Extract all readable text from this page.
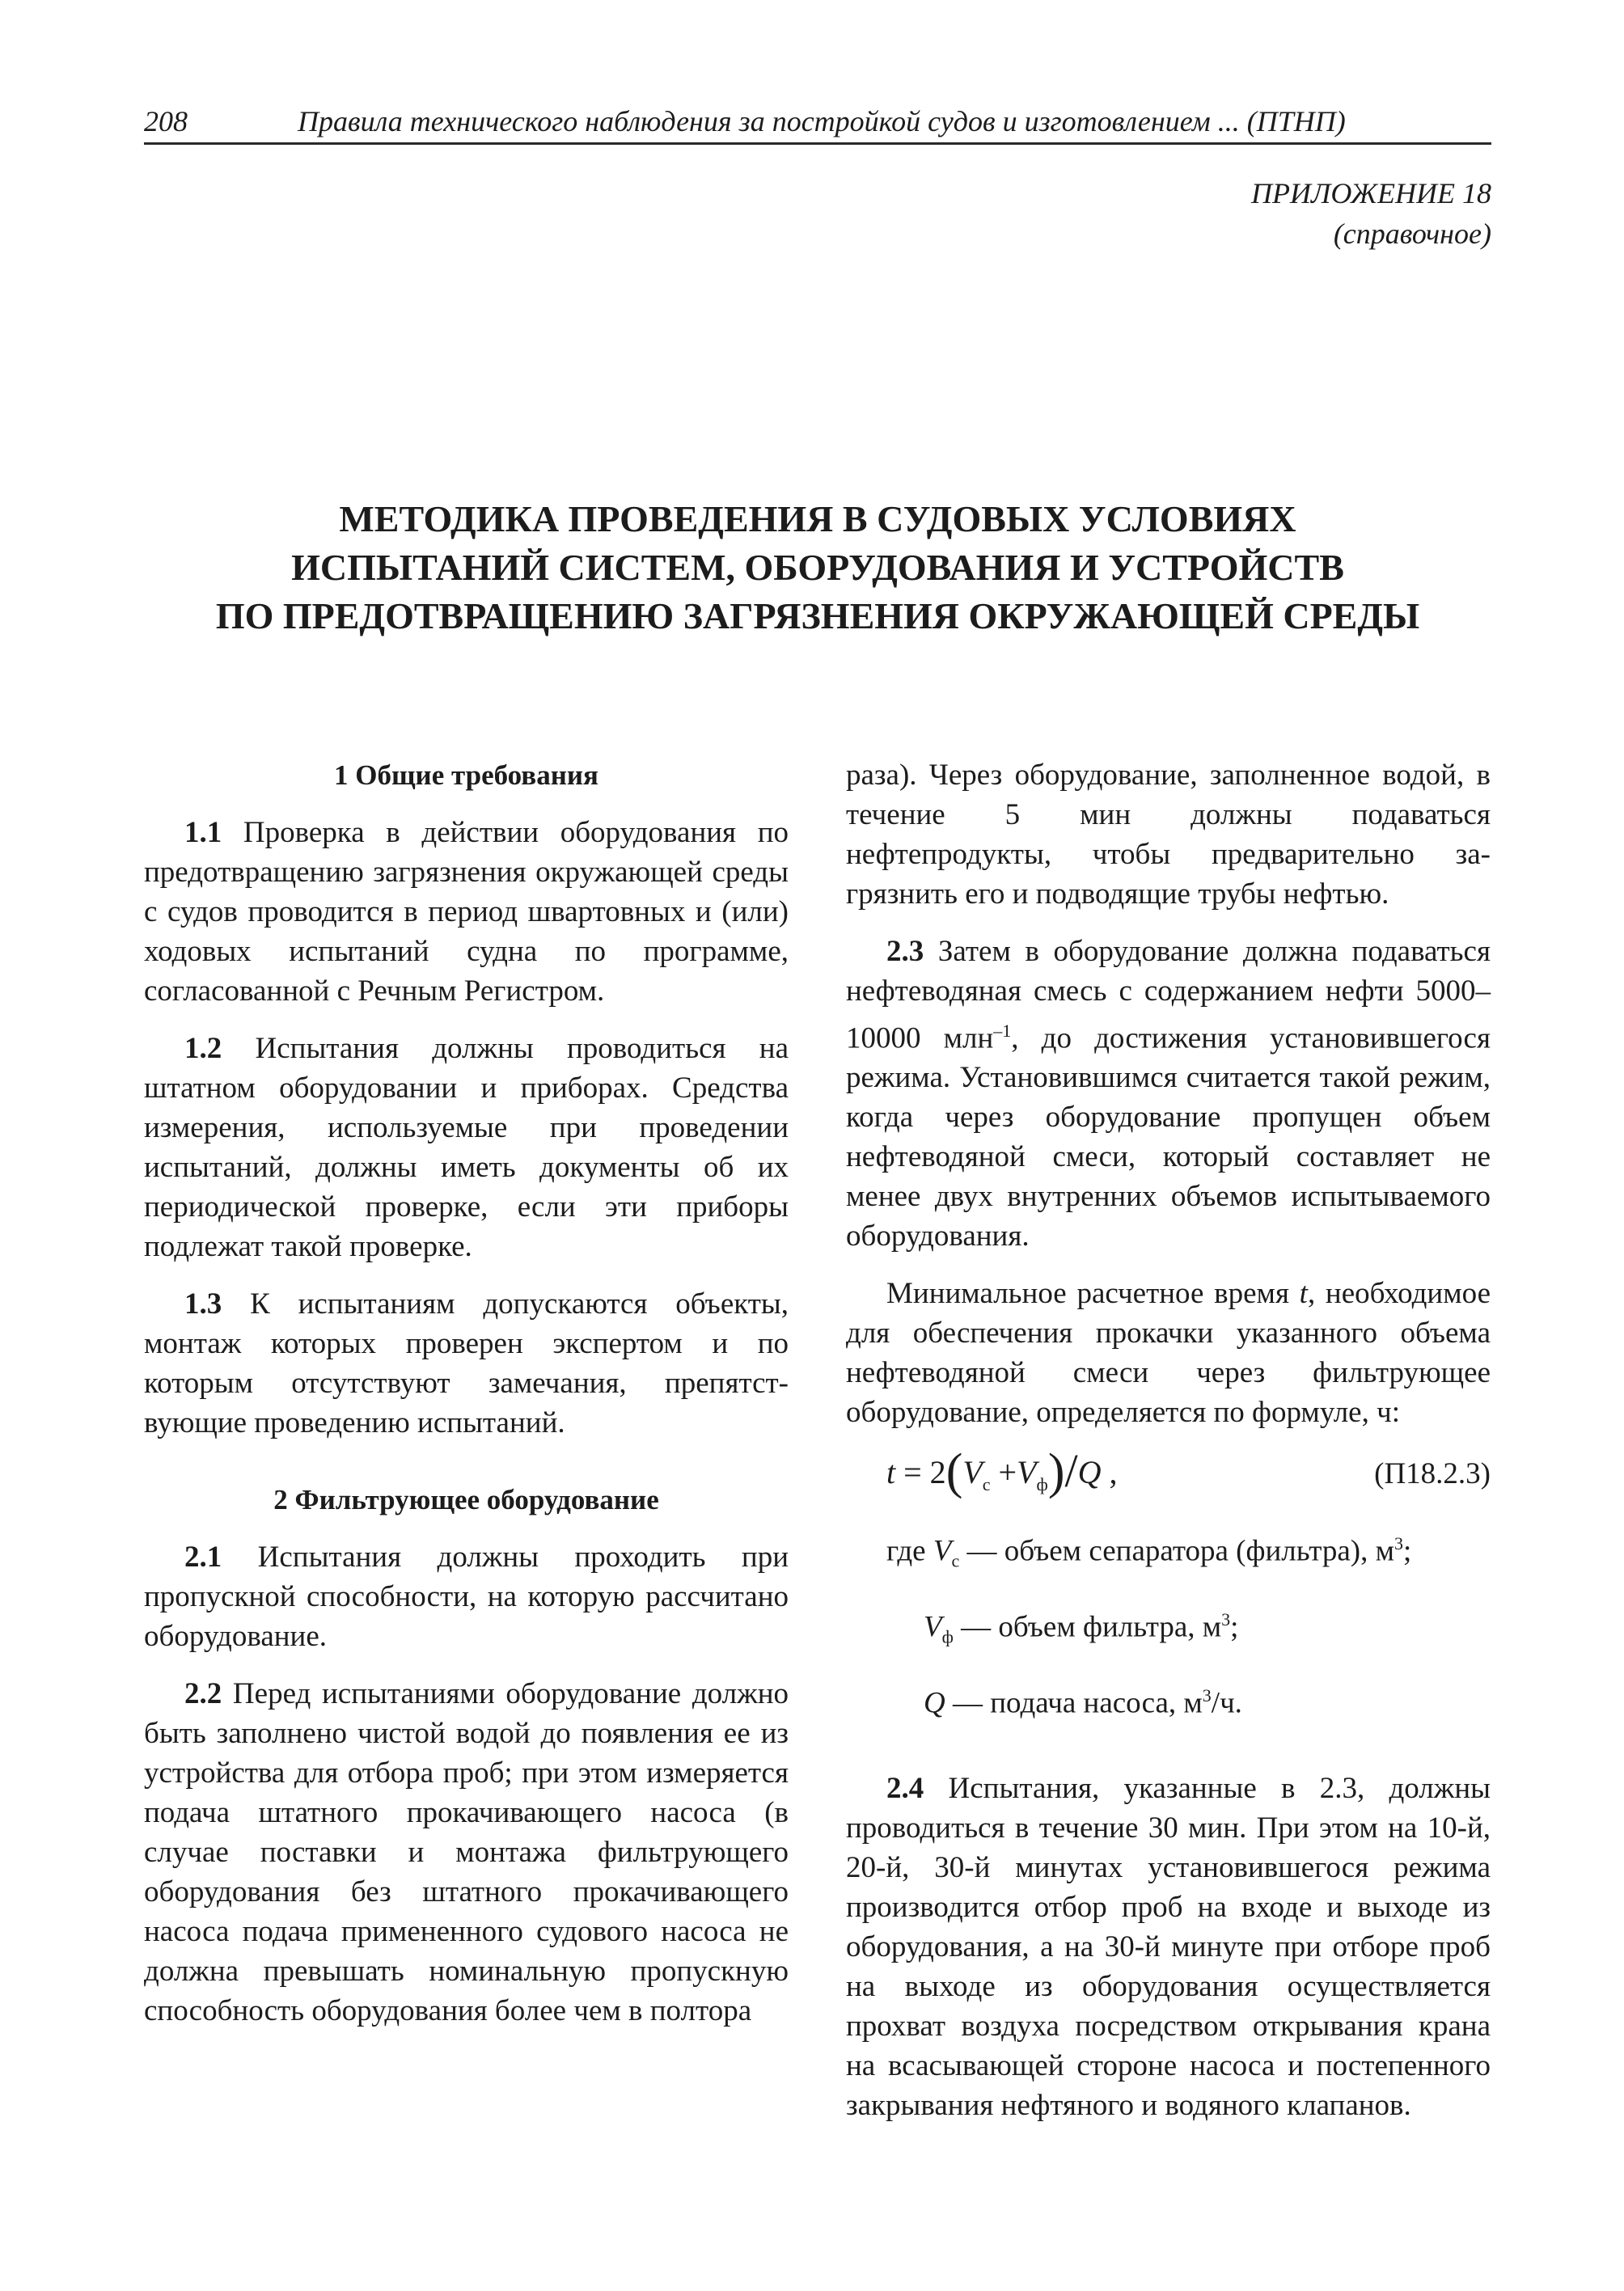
208	Правила технического наблюдения за постройкой судов и изготовлением ... (ПТНП)
ПРИЛОЖЕНИЕ 18
(справочное)
МЕТОДИКА ПРОВЕДЕНИЯ В СУДОВЫХ УСЛОВИЯХ
ИСПЫТАНИЙ СИСТЕМ, ОБОРУДОВАНИЯ И УСТРОЙСТВ
ПО ПРЕДОТВРАЩЕНИЮ ЗАГРЯЗНЕНИЯ ОКРУЖАЮЩЕЙ СРЕДЫ
1 Общие требования

1.1 Проверка в действии оборудования по предотвращению загрязнения окружающей среды с судов проводится в период швартовных и (или) ходовых испытаний судна по программе, согласованной с Речным Регистром.

1.2 Испытания должны проводиться на штатном оборудовании и приборах. Средства измерения, используемые при проведении испытаний, должны иметь документы об их периодической проверке, если эти приборы подлежат такой проверке.

1.3 К испытаниям допускаются объекты, монтаж которых проверен экспертом и по которым отсутствуют замечания, препятствующие проведению испытаний.

2 Фильтрующее оборудование

2.1 Испытания должны проходить при пропускной способности, на которую рассчитано оборудование.

2.2 Перед испытаниями оборудование должно быть заполнено чистой водой до появления ее из устройства для отбора проб; при этом измеряется подача штатного прокачивающего насоса (в случае поставки и монтажа фильтрующего оборудования без штатного прокачивающего насоса подача примененного судового насоса не должна превышать номинальную пропускную способность оборудования более чем в полтора

раза). Через оборудование, заполненное водой, в течение 5 мин должны подаваться нефтепродукты, чтобы предварительно загрязнить его и подводящие трубы нефтью.

2.3 Затем в оборудование должна подаваться нефтеводяная смесь с содержанием нефти 5000–10000 млн$^{-1}$, до достижения установившегося режима. Установившимся считается такой режим, когда через оборудование пропущен объем нефтеводяной смеси, который составляет не менее двух внутренних объемов испытываемого оборудования.

Минимальное расчетное время t, необходимое для обеспечения прокачки указанного объема нефтеводяной смеси через фильтрующее оборудование, определяется по формуле, ч:

$t = 2(V_с +V_ф)/Q$ ,	(П18.2.3)

где $V_с$ — объем сепаратора (фильтра), $м^3$;

$V_ф$ — объем фильтра, $м^3$;

Q — подача насоса, $м^3/ч$.

2.4 Испытания, указанные в 2.3, должны проводиться в течение 30 мин. При этом на 10-й, 20-й, 30-й минутах установившегося режима производится отбор проб на входе и выходе из оборудования, а на 30-й минуте при отборе проб на выходе из оборудования осуществляется прохват воздуха посредством открывания крана на всасывающей стороне насоса и постепенного закрывания нефтяного и водяного клапанов.
